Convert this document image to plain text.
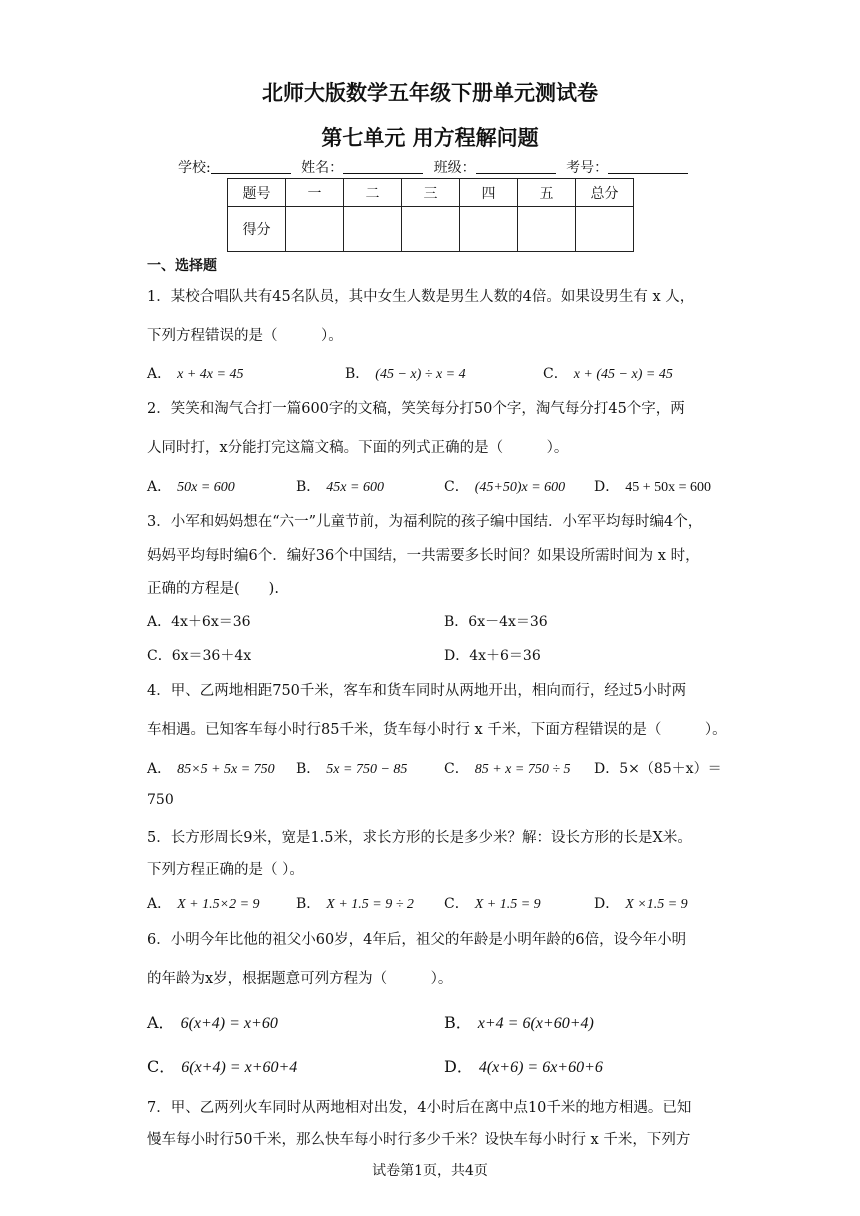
北师大版数学五年级下册单元测试卷
第七单元 用方程解问题
学校:	姓名：	班级：	考号：
题号	一	二	三	四	五	总分
得分						
一、选择题
1．某校合唱队共有45名队员，其中女生人数是男生人数的4倍。如果设男生有 x 人，
下列方程错误的是（　　　）。
A． x + 4x = 45	B． (45 − x) ÷ x = 4	C． x + (45 − x) = 45
2．笑笑和淘气合打一篇600字的文稿，笑笑每分打50个字，淘气每分打45个字，两
人同时打，x分能打完这篇文稿。下面的列式正确的是（　　　）。
A． 50x = 600	B． 45x = 600	C． (45+50)x = 600 D． 45 + 50x = 600
3．小军和妈妈想在“六一”儿童节前，为福利院的孩子编中国结．小军平均每时编4个，
妈妈平均每时编6个．编好36个中国结，一共需要多长时间？如果设所需时间为 x 时，
正确的方程是(　　).
A．4x＋6x＝36	B．6x－4x＝36
C．6x＝36＋4x	D．4x＋6＝36
4．甲、乙两地相距750千米，客车和货车同时从两地开出，相向而行，经过5小时两
车相遇。已知客车每小时行85千米，货车每小时行 x 千米，下面方程错误的是（　　　）。
A． 85×5 + 5x = 750 B． 5x = 750 − 85	C． 85 + x = 750 ÷ 5 D．5×（85＋x）＝
750
5．长方形周长9米，宽是1.5米，求长方形的长是多少米？解：设长方形的长是X米。
下列方程正确的是（ ）。
A． X + 1.5×2 = 9	B． X + 1.5 = 9 ÷ 2 C． X + 1.5 = 9	D． X ×1.5 = 9
6．小明今年比他的祖父小60岁，4年后，祖父的年龄是小明年龄的6倍，设今年小明
的年龄为x岁，根据题意可列方程为（　　　）。
A． 6(x+4) = x+60	B． x+4 = 6(x+60+4)
C． 6(x+4) = x+60+4	D． 4(x+6) = 6x+60+6
7．甲、乙两列火车同时从两地相对出发，4小时后在离中点10千米的地方相遇。已知
慢车每小时行50千米，那么快车每小时行多少千米？设快车每小时行 x 千米，下列方
试卷第1页，共4页
